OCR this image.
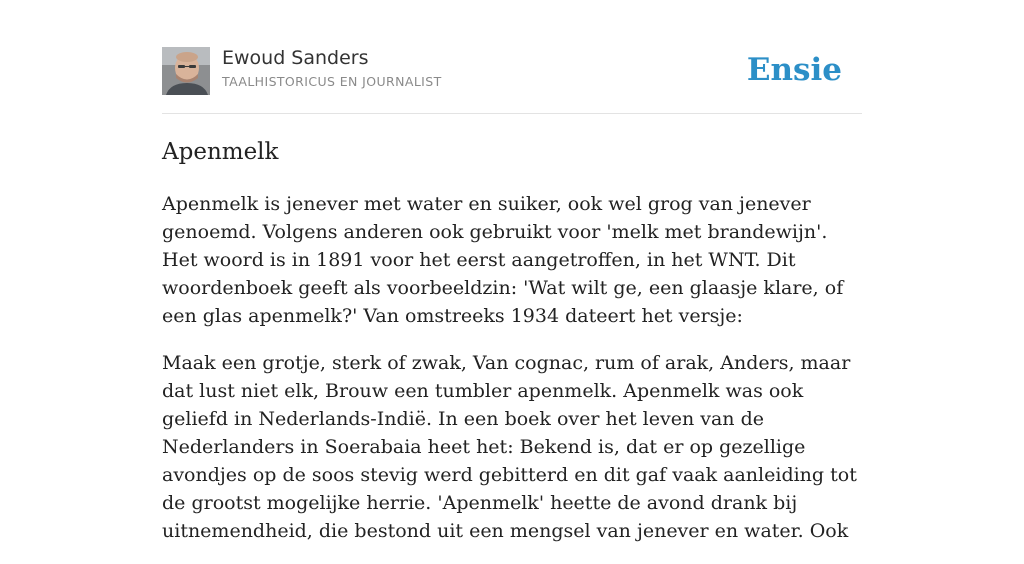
Ewoud Sanders
TAALHISTORICUS EN JOURNALIST	Ensie
Apenmelk

Apenmelk is jenever met water en suiker, ook wel grog van jenever genoemd. Volgens anderen ook gebruikt voor 'melk met brandewijn'. Het woord is in 1891 voor het eerst aangetroffen, in het WNT. Dit woordenboek geeft als voorbeeldzin: 'Wat wilt ge, een glaasje klare, of een glas apenmelk?' Van omstreeks 1934 dateert het versje:

Maak een grotje, sterk of zwak, Van cognac, rum of arak, Anders, maar dat lust niet elk, Brouw een tumbler apenmelk. Apenmelk was ook geliefd in Nederlands-Indië. In een boek over het leven van de Nederlanders in Soerabaia heet het: Bekend is, dat er op gezellige avondjes op de soos stevig werd gebitterd en dit gaf vaak aanleiding tot de grootst mogelijke herrie. 'Apenmelk' heette de avond drank bij uitnemendheid, die bestond uit een mengsel van jenever en water. Ook
